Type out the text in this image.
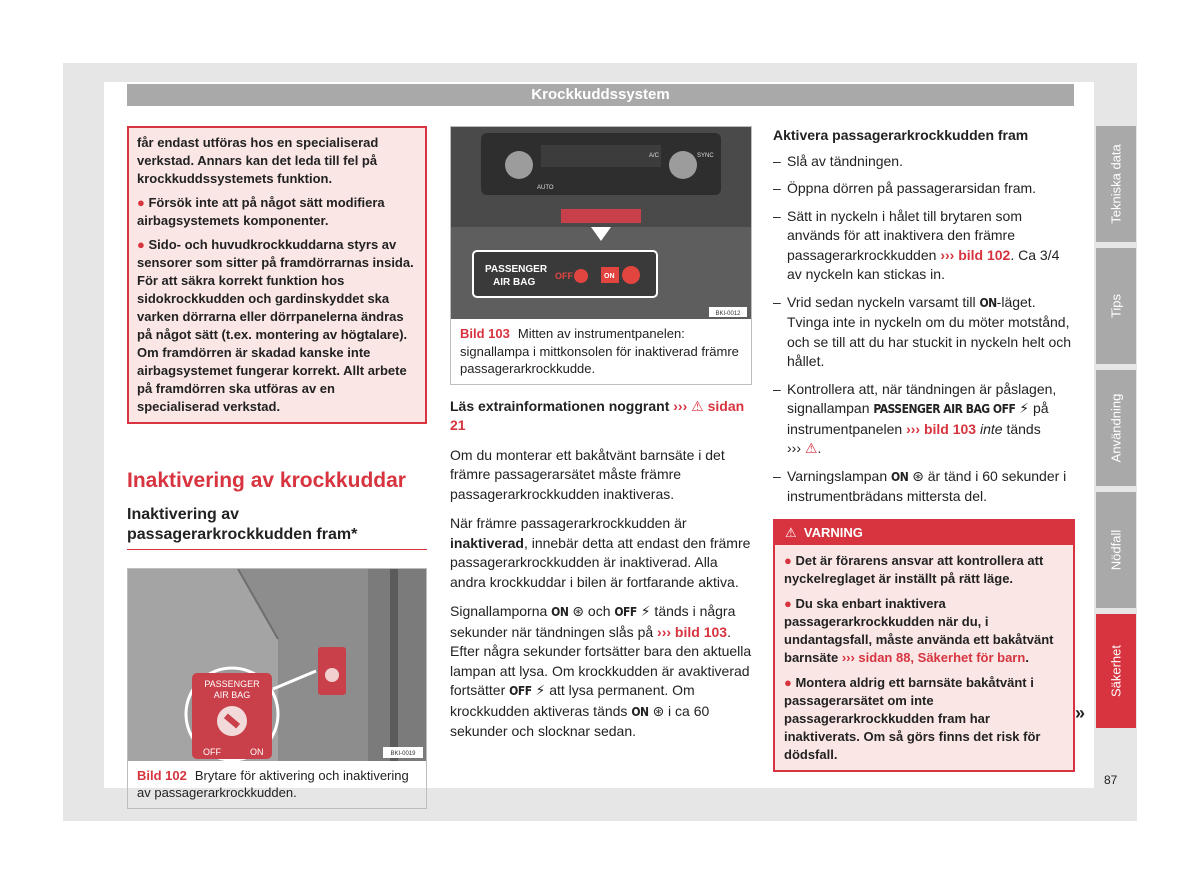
Krockkuddssystem

får endast utföras hos en specialiserad verkstad. Annars kan det leda till fel på krockkuddssystemets funktion.

● Försök inte att på något sätt modifiera airbagsystemets komponenter.

● Sido- och huvudkrockkuddarna styrs av sensorer som sitter på framdörrarnas insida. För att säkra korrekt funktion hos sidokrockkudden och gardinskyddet ska varken dörrarna eller dörrpanelerna ändras på något sätt (t.ex. montering av högtalare). Om framdörren är skadad kanske inte airbagsystemet fungerar korrekt. Allt arbete på framdörren ska utföras av en specialiserad verkstad.

Inaktivering av krockkuddar
Inaktivering av passagerarkrockkudden fram*
PASSENGER
AIR BAG
OFF	ON	BKI-0019
Bild 102 Brytare för aktivering och inaktivering av passagerarkrockkudden.
AUTO
A/C	SYNC
PASSENGER
AIR BAG
OFF	ON
BKI-0012
Bild 103 Mitten av instrumentpanelen: signallampa i mittkonsolen för inaktiverad främre passagerarkrockkudde.

Läs extrainformationen noggrant ››› ⚠ sidan 21

Om du monterar ett bakåtvänt barnsäte i det främre passagerarsätet måste främre passagerarkrockkudden inaktiveras.

När främre passagerarkrockkudden är inaktiverad, innebär detta att endast den främre passagerarkrockkudden är inaktiverad. Alla andra krockkuddar i bilen är fortfarande aktiva.

Signallamporna ON ⊛ och OFF ⚡ tänds i några sekunder när tändningen slås på ››› bild 103. Efter några sekunder fortsätter bara den aktuella lampan att lysa. Om krockkudden är avaktiverad fortsätter OFF ⚡ att lysa permanent. Om krockkudden aktiveras tänds ON ⊛ i ca 60 sekunder och slocknar sedan.

Aktivera passagerarkrockkudden fram
– Slå av tändningen.
– Öppna dörren på passagerarsidan fram.
– Sätt in nyckeln i hålet till brytaren som används för att inaktivera den främre passagerarkrockkudden ››› bild 102. Ca 3/4 av nyckeln kan stickas in.
– Vrid sedan nyckeln varsamt till ON-läget. Tvinga inte in nyckeln om du möter motstånd, och se till att du har stuckit in nyckeln helt och hållet.
– Kontrollera att, när tändningen är påslagen, signallampan PASSENGER AIR BAG OFF ⚡ på instrumentpanelen ››› bild 103 inte tänds
››› ⚠.
– Varningslampan ON ⊛ är tänd i 60 sekunder i instrumentbrädans mittersta del.
⚠ VARNING

● Det är förarens ansvar att kontrollera att nyckelreglaget är inställt på rätt läge.

● Du ska enbart inaktivera passagerarkrockkudden när du, i undantagsfall, måste använda ett bakåtvänt barnsäte ››› sidan 88, Säkerhet för barn.

● Montera aldrig ett barnsäte bakåtvänt i passagerarsätet om inte passagerarkrockkudden fram har inaktiverats. Om så görs finns det risk för dödsfall.

»
Tekniska data
Tips
Användning
Nödfall
Säkerhet
87
